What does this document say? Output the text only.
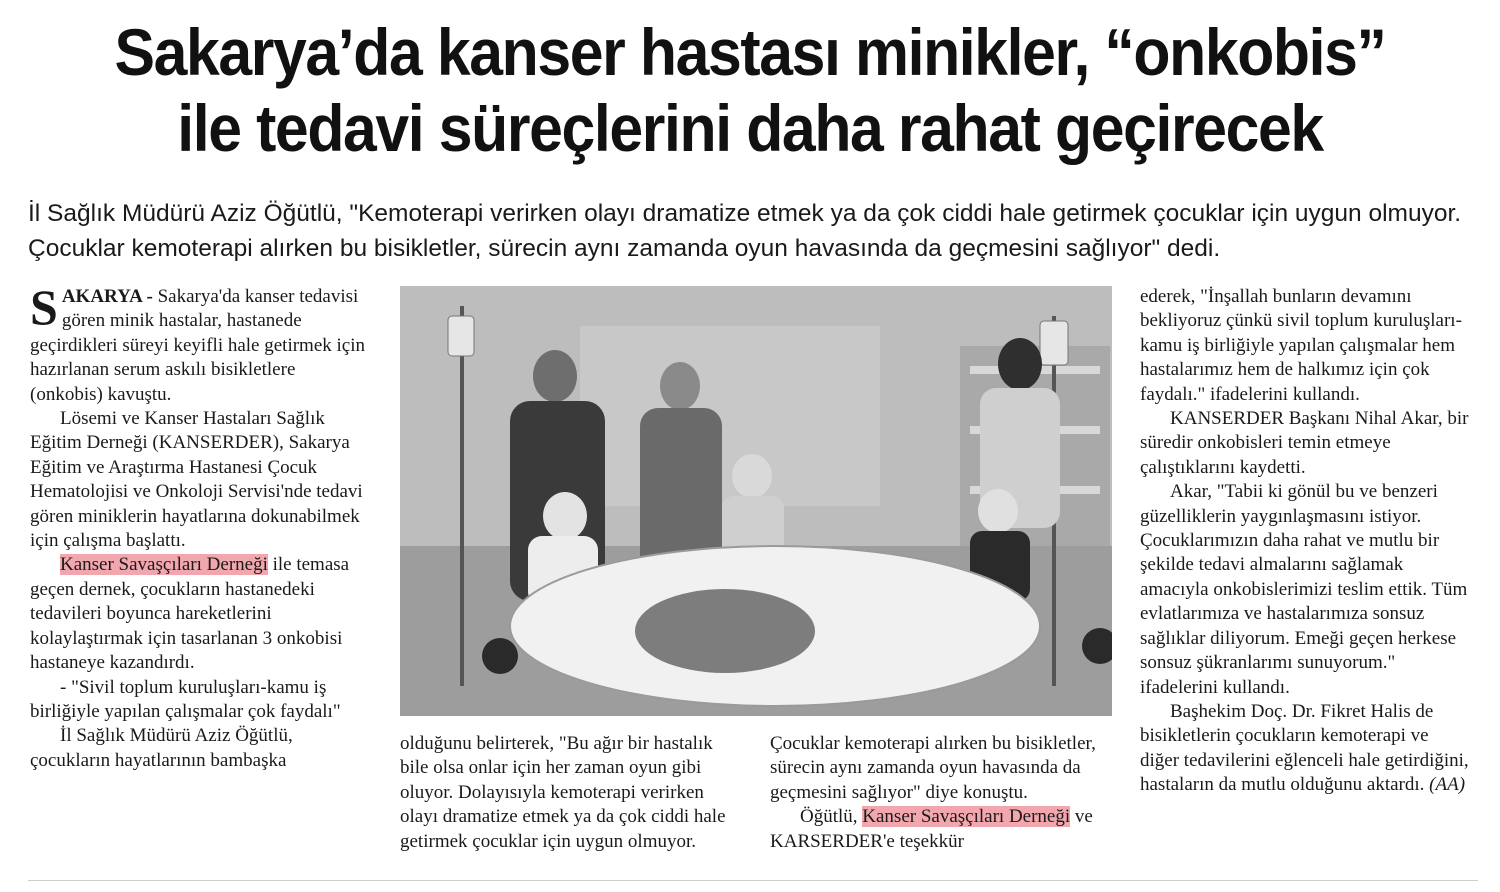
Sakarya’da kanser hastası minikler, “onkobis”
ile tedavi süreçlerini daha rahat geçirecek
İl Sağlık Müdürü Aziz Öğütlü, "Kemoterapi verirken olayı dramatize etmek ya da çok ciddi hale getirmek çocuklar için uygun olmuyor. Çocuklar kemoterapi alırken bu bisikletler, sürecin aynı zamanda oyun havasında da geçmesini sağlıyor" dedi.

SAKARYA - Sakarya'da kanser tedavisi gören minik hastalar, hastanede geçirdikleri süreyi keyifli hale getirmek için hazırlanan serum askılı bisikletlere (onkobis) kavuştu.

Lösemi ve Kanser Hastaları Sağlık Eğitim Derneği (KANSERDER), Sakarya Eğitim ve Araştırma Hastanesi Çocuk Hematolojisi ve Onkoloji Servisi'nde tedavi gören miniklerin hayatlarına dokunabilmek için çalışma başlattı.

Kanser Savaşçıları Derneği ile temasa geçen dernek, çocukların hastanedeki tedavileri boyunca hareketlerini kolaylaştırmak için tasarlanan 3 onkobisi hastaneye kazandırdı.

- "Sivil toplum kuruluşları-kamu iş birliğiyle yapılan çalışmalar çok faydalı"

İl Sağlık Müdürü Aziz Öğütlü, çocukların hayatlarının bambaşka

olduğunu belirterek, "Bu ağır bir hastalık bile olsa onlar için her zaman oyun gibi oluyor. Dolayısıyla kemoterapi verirken olayı dramatize etmek ya da çok ciddi hale getirmek çocuklar için uygun olmuyor.

Çocuklar kemoterapi alırken bu bisikletler, sürecin aynı zamanda oyun havasında da geçmesini sağlıyor" diye konuştu.

Öğütlü, Kanser Savaşçıları Derneği ve KARSERDER'e teşekkür

ederek, "İnşallah bunların devamını bekliyoruz çünkü sivil toplum kuruluşları-kamu iş birliğiyle yapılan çalışmalar hem hastalarımız hem de halkımız için çok faydalı." ifadelerini kullandı.

KANSERDER Başkanı Nihal Akar, bir süredir onkobisleri temin etmeye çalıştıklarını kaydetti.

Akar, "Tabii ki gönül bu ve benzeri güzelliklerin yaygınlaşmasını istiyor. Çocuklarımızın daha rahat ve mutlu bir şekilde tedavi almalarını sağlamak amacıyla onkobislerimizi teslim ettik. Tüm evlatlarımıza ve hastalarımıza sonsuz sağlıklar diliyorum. Emeği geçen herkese sonsuz şükranlarımı sunuyorum." ifadelerini kullandı.

Başhekim Doç. Dr. Fikret Halis de bisikletlerin çocukların kemoterapi ve diğer tedavilerini eğlenceli hale getirdiğini, hastaların da mutlu olduğunu aktardı. (AA)
